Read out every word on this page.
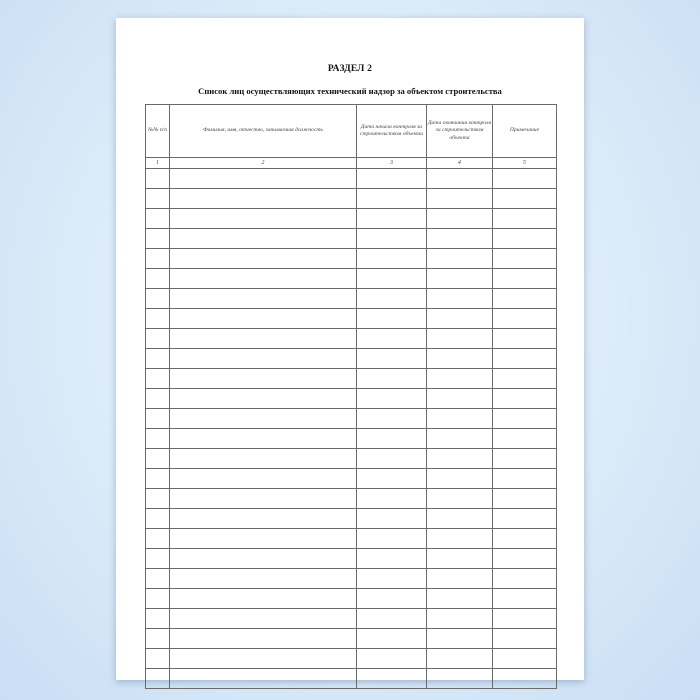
РАЗДЕЛ 2
Список лиц осуществляющих технический надзор за объектом строительства
№№ п/п	Фамилия, имя, отчество, занимаемая должность	Дата начала контроля за строительством объекта	Дата окончания контроля за строительством объекта	Примечание
1	2	3	4	5
